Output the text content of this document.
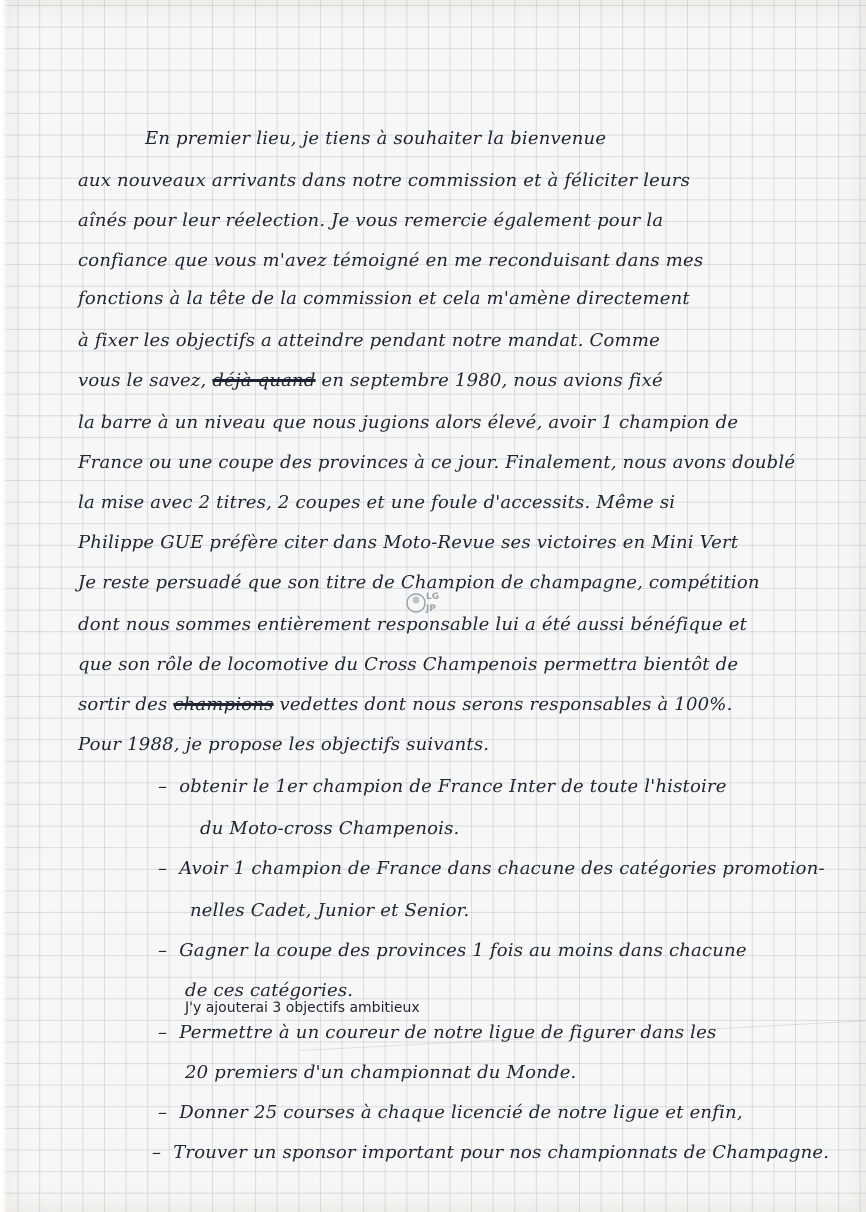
En premier lieu, je tiens à souhaiter la bienvenue
aux nouveaux arrivants dans notre commission et à féliciter leurs
aînés pour leur réelection. Je vous remercie également pour la
confiance que vous m'avez témoigné en me reconduisant dans mes
fonctions à la tête de la commission et cela m'amène directement
à fixer les objectifs a atteindre pendant notre mandat. Comme
vous le savez, déjà quand en septembre 1980, nous avions fixé
la barre à un niveau que nous jugions alors élevé, avoir 1 champion de
France ou une coupe des provinces à ce jour. Finalement, nous avons doublé
la mise avec 2 titres, 2 coupes et une foule d'accessits. Même si
Philippe GUE préfère citer dans Moto-Revue ses victoires en Mini Vert
Je reste persuadé que son titre de Champion de champagne, compétition
dont nous sommes entièrement responsable lui a été aussi bénéfique et
que son rôle de locomotive du Cross Champenois permettra bientôt de
sortir des champions vedettes dont nous serons responsables à 100%.
Pour 1988, je propose les objectifs suivants.
– obtenir le 1er champion de France Inter de toute l'histoire
du Moto-cross Champenois.
– Avoir 1 champion de France dans chacune des catégories promotion-
nelles Cadet, Junior et Senior.
– Gagner la coupe des provinces 1 fois au moins dans chacune
de ces catégories.
J'y ajouterai 3 objectifs ambitieux
– Permettre à un coureur de notre ligue de figurer dans les
20 premiers d'un championnat du Monde.
– Donner 25 courses à chaque licencié de notre ligue et enfin,
– Trouver un sponsor important pour nos championnats de Champagne.
LG
JP
